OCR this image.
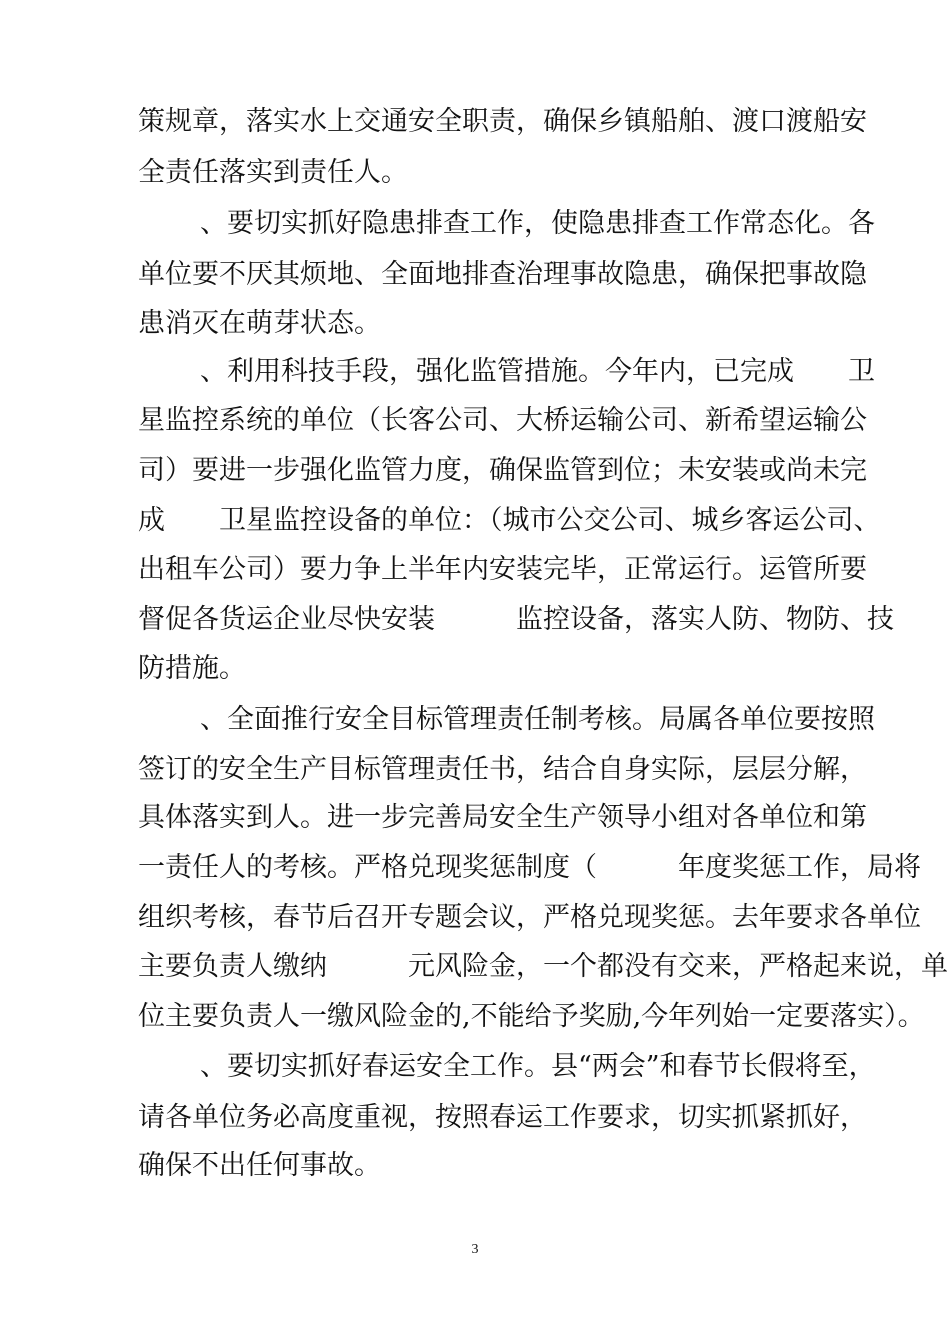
策规章，落实水上交通安全职责，确保乡镇船舶、渡口渡船安
全责任落实到责任人。
、要切实抓好隐患排查工作，使隐患排查工作常态化。各
单位要不厌其烦地、全面地排查治理事故隐患，确保把事故隐
患消灭在萌芽状态。
、利用科技手段，强化监管措施。今年内，已完成　　卫
星监控系统的单位（长客公司、大桥运输公司、新希望运输公
司）要进一步强化监管力度，确保监管到位；未安装或尚未完
成　　卫星监控设备的单位：（城市公交公司、城乡客运公司、
出租车公司）要力争上半年内安装完毕，正常运行。运管所要
督促各货运企业尽快安装　　　监控设备，落实人防、物防、技
防措施。
、全面推行安全目标管理责任制考核。局属各单位要按照
签订的安全生产目标管理责任书，结合自身实际，层层分解，
具体落实到人。进一步完善局安全生产领导小组对各单位和第
一责任人的考核。严格兑现奖惩制度（　　　年度奖惩工作，局将
组织考核，春节后召开专题会议，严格兑现奖惩。去年要求各单位
主要负责人缴纳　　　元风险金，一个都没有交来，严格起来说，单
位主要负责人一缴风险金的,不能给予奖励,今年列始一定要落实）。
、要切实抓好春运安全工作。县“两会”和春节长假将至，
请各单位务必高度重视，按照春运工作要求，切实抓紧抓好，
确保不出任何事故。
3
